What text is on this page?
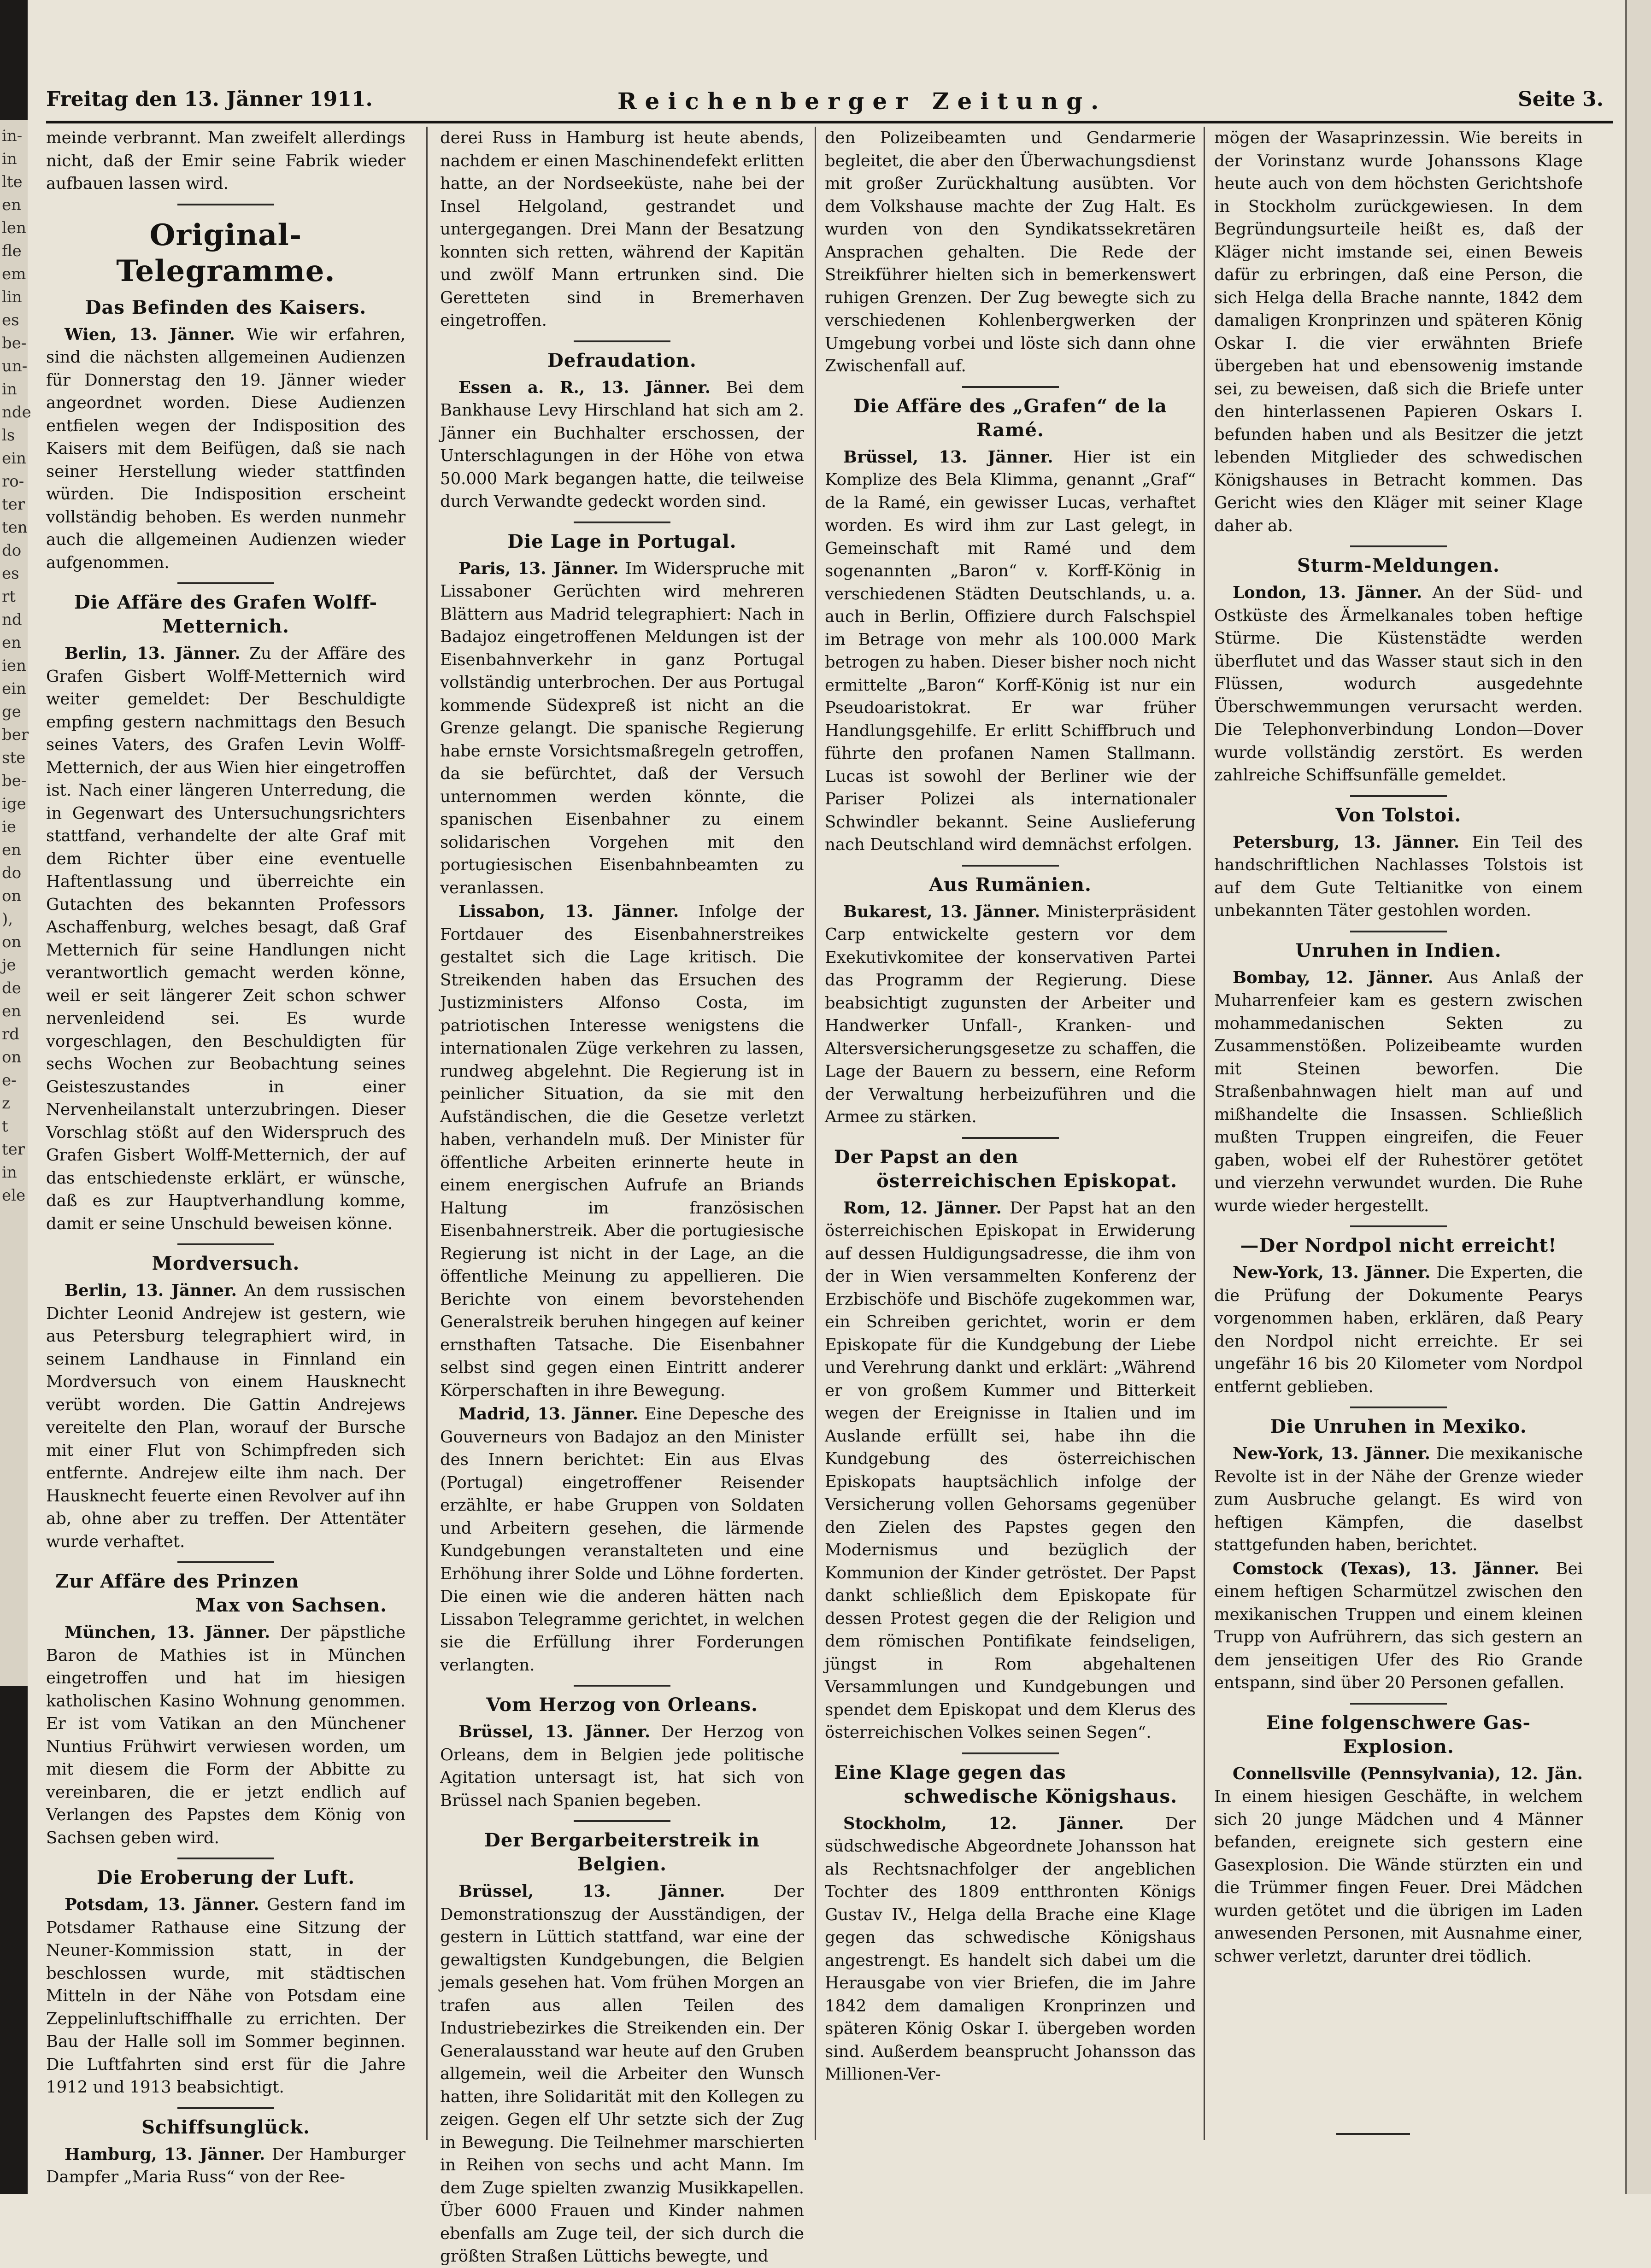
in-
in
lte
en
len
fle
em
lin
es
be-
un-
in
nde
ls
ein
ro-
ter
ten
do
es
rt
nd
en
ien
ein
ge
ber
ste
be-
ige
ie
en
do
on
),
on
je
de
en
rd
on
e-
z
t
ter
in
ele
Freitag den 13. Jänner 1911.	Reichenberger Zeitung.	Seite 3.

meinde verbrannt. Man zweifelt allerdings nicht, daß der Emir seine Fabrik wieder aufbauen lassen wird.

Original-Telegramme.
Das Befinden des Kaisers.

Wien, 13. Jänner. Wie wir erfahren, sind die nächsten allgemeinen Audienzen für Donnerstag den 19. Jänner wieder angeordnet worden. Diese Audienzen entfielen wegen der Indisposition des Kaisers mit dem Beifügen, daß sie nach seiner Herstellung wieder stattfinden würden. Die Indisposition erscheint vollständig behoben. Es werden nunmehr auch die allgemeinen Audienzen wieder aufgenommen.

Die Affäre des Grafen Wolff-Metternich.

Berlin, 13. Jänner. Zu der Affäre des Grafen Gisbert Wolff-Metternich wird weiter gemeldet: Der Beschuldigte empfing gestern nachmittags den Besuch seines Vaters, des Grafen Levin Wolff-Metternich, der aus Wien hier eingetroffen ist. Nach einer längeren Unterredung, die in Gegenwart des Untersuchungsrichters stattfand, verhandelte der alte Graf mit dem Richter über eine eventuelle Haftentlassung und überreichte ein Gutachten des bekannten Professors Aschaffenburg, welches besagt, daß Graf Metternich für seine Handlungen nicht verantwortlich gemacht werden könne, weil er seit längerer Zeit schon schwer nervenleidend sei. Es wurde vorgeschlagen, den Beschuldigten für sechs Wochen zur Beobachtung seines Geisteszustandes in einer Nervenheilanstalt unterzubringen. Dieser Vorschlag stößt auf den Widerspruch des Grafen Gisbert Wolff-Metternich, der auf das entschiedenste erklärt, er wünsche, daß es zur Hauptverhandlung komme, damit er seine Unschuld beweisen könne.

Mordversuch.

Berlin, 13. Jänner. An dem russischen Dichter Leonid Andrejew ist gestern, wie aus Petersburg telegraphiert wird, in seinem Landhause in Finnland ein Mordversuch von einem Hausknecht verübt worden. Die Gattin Andrejews vereitelte den Plan, worauf der Bursche mit einer Flut von Schimpfreden sich entfernte. Andrejew eilte ihm nach. Der Hausknecht feuerte einen Revolver auf ihn ab, ohne aber zu treffen. Der Attentäter wurde verhaftet.

Zur Affäre des Prinzen
Max von Sachsen.

München, 13. Jänner. Der päpstliche Baron de Mathies ist in München eingetroffen und hat im hiesigen katholischen Kasino Wohnung genommen. Er ist vom Vatikan an den Münchener Nuntius Frühwirt verwiesen worden, um mit diesem die Form der Abbitte zu vereinbaren, die er jetzt endlich auf Verlangen des Papstes dem König von Sachsen geben wird.

Die Eroberung der Luft.

Potsdam, 13. Jänner. Gestern fand im Potsdamer Rathause eine Sitzung der Neuner-Kommission statt, in der beschlossen wurde, mit städtischen Mitteln in der Nähe von Potsdam eine Zeppelinluftschiffhalle zu errichten. Der Bau der Halle soll im Sommer beginnen. Die Luftfahrten sind erst für die Jahre 1912 und 1913 beabsichtigt.

Schiffsunglück.

Hamburg, 13. Jänner. Der Hamburger Dampfer „Maria Russ“ von der Ree-

derei Russ in Hamburg ist heute abends, nachdem er einen Maschinendefekt erlitten hatte, an der Nordseeküste, nahe bei der Insel Helgoland, gestrandet und untergegangen. Drei Mann der Besatzung konnten sich retten, während der Kapitän und zwölf Mann ertrunken sind. Die Geretteten sind in Bremerhaven eingetroffen.

Defraudation.

Essen a. R., 13. Jänner. Bei dem Bankhause Levy Hirschland hat sich am 2. Jänner ein Buchhalter erschossen, der Unterschlagungen in der Höhe von etwa 50.000 Mark begangen hatte, die teilweise durch Verwandte gedeckt worden sind.

Die Lage in Portugal.

Paris, 13. Jänner. Im Widerspruche mit Lissaboner Gerüchten wird mehreren Blättern aus Madrid telegraphiert: Nach in Badajoz eingetroffenen Meldungen ist der Eisenbahnverkehr in ganz Portugal vollständig unterbrochen. Der aus Portugal kommende Südexpreß ist nicht an die Grenze gelangt. Die spanische Regierung habe ernste Vorsichtsmaßregeln getroffen, da sie befürchtet, daß der Versuch unternommen werden könnte, die spanischen Eisenbahner zu einem solidarischen Vorgehen mit den portugiesischen Eisenbahnbeamten zu veranlassen.

Lissabon, 13. Jänner. Infolge der Fortdauer des Eisenbahnerstreikes gestaltet sich die Lage kritisch. Die Streikenden haben das Ersuchen des Justizministers Alfonso Costa, im patriotischen Interesse wenigstens die internationalen Züge verkehren zu lassen, rundweg abgelehnt. Die Regierung ist in peinlicher Situation, da sie mit den Aufständischen, die die Gesetze verletzt haben, verhandeln muß. Der Minister für öffentliche Arbeiten erinnerte heute in einem energischen Aufrufe an Briands Haltung im französischen Eisenbahnerstreik. Aber die portugiesische Regierung ist nicht in der Lage, an die öffentliche Meinung zu appellieren. Die Berichte von einem bevorstehenden Generalstreik beruhen hingegen auf keiner ernsthaften Tatsache. Die Eisenbahner selbst sind gegen einen Eintritt anderer Körperschaften in ihre Bewegung.

Madrid, 13. Jänner. Eine Depesche des Gouverneurs von Badajoz an den Minister des Innern berichtet: Ein aus Elvas (Portugal) eingetroffener Reisender erzählte, er habe Gruppen von Soldaten und Arbeitern gesehen, die lärmende Kundgebungen veranstalteten und eine Erhöhung ihrer Solde und Löhne forderten. Die einen wie die anderen hätten nach Lissabon Telegramme gerichtet, in welchen sie die Erfüllung ihrer Forderungen verlangten.

Vom Herzog von Orleans.

Brüssel, 13. Jänner. Der Herzog von Orleans, dem in Belgien jede politische Agitation untersagt ist, hat sich von Brüssel nach Spanien begeben.

Der Bergarbeiterstreik in Belgien.

Brüssel, 13. Jänner.	Der Demonstrationszug der Ausständigen, der gestern in Lüttich stattfand, war eine der gewaltigsten Kundgebungen, die Belgien jemals gesehen hat. Vom frühen Morgen an trafen aus allen Teilen des Industriebezirkes die Streikenden ein. Der Generalausstand war heute auf den Gruben allgemein, weil die Arbeiter den Wunsch hatten, ihre Solidarität mit den Kollegen zu zeigen. Gegen elf Uhr setzte sich der Zug in Bewegung. Die Teilnehmer marschierten in Reihen von sechs und acht Mann. Im dem Zuge spielten zwanzig Musikkapellen. Über 6000 Frauen und Kinder nahmen ebenfalls am Zuge teil, der sich durch die größten Straßen Lüttichs bewegte, und

den Polizeibeamten und Gendarmerie begleitet, die aber den Überwachungsdienst mit großer Zurückhaltung ausübten. Vor dem Volkshause machte der Zug Halt. Es wurden von den Syndikatssekretären Ansprachen gehalten. Die Rede der Streikführer hielten sich in bemerkenswert ruhigen Grenzen. Der Zug bewegte sich zu verschiedenen Kohlenbergwerken der Umgebung vorbei und löste sich dann ohne Zwischenfall auf.

Die Affäre des „Grafen“ de la Ramé.

Brüssel, 13. Jänner. Hier ist ein Komplize des Bela Klimma, genannt „Graf“ de la Ramé, ein gewisser Lucas, verhaftet worden. Es wird ihm zur Last gelegt, in Gemeinschaft mit Ramé und dem sogenannten „Baron“ v. Korff-König in verschiedenen Städten Deutschlands, u. a. auch in Berlin, Offiziere durch Falschspiel im Betrage von mehr als 100.000 Mark betrogen zu haben. Dieser bisher noch nicht ermittelte „Baron“ Korff-König ist nur ein Pseudoaristokrat. Er war früher Handlungsgehilfe. Er erlitt Schiffbruch und führte den profanen Namen Stallmann. Lucas ist sowohl der Berliner wie der Pariser Polizei als internationaler Schwindler bekannt. Seine Auslieferung nach Deutschland wird demnächst erfolgen.

Aus Rumänien.

Bukarest, 13. Jänner. Ministerpräsident Carp entwickelte gestern vor dem Exekutivkomitee der konservativen Partei das Programm der Regierung. Diese beabsichtigt zugunsten der Arbeiter und Handwerker Unfall-, Kranken- und Altersversicherungsgesetze zu schaffen, die Lage der Bauern zu bessern, eine Reform der Verwaltung herbeizuführen und die Armee zu stärken.

Der Papst an den
österreichischen Episkopat.

Rom, 12. Jänner. Der Papst hat an den österreichischen Episkopat in Erwiderung auf dessen Huldigungsadresse, die ihm von der in Wien versammelten Konferenz der Erzbischöfe und Bischöfe zugekommen war, ein Schreiben gerichtet, worin er dem Episkopate für die Kundgebung der Liebe und Verehrung dankt und erklärt: „Während er von großem Kummer und Bitterkeit wegen der Ereignisse in Italien und im Auslande erfüllt sei, habe ihn die Kundgebung des österreichischen Episkopats hauptsächlich infolge der Versicherung vollen Gehorsams gegenüber den Zielen des Papstes gegen den Modernismus und bezüglich der Kommunion der Kinder getröstet. Der Papst dankt schließlich dem Episkopate für dessen Protest gegen die der Religion und dem römischen Pontifikate feindseligen, jüngst in Rom abgehaltenen Versammlungen und Kundgebungen und spendet dem Episkopat und dem Klerus des österreichischen Volkes seinen Segen“.

Eine Klage gegen das
schwedische Königshaus.

Stockholm, 12. Jänner.	Der südschwedische Abgeordnete Johansson hat als Rechtsnachfolger der angeblichen Tochter des 1809 entthronten Königs Gustav IV., Helga della Brache eine Klage gegen das schwedische Königshaus angestrengt. Es handelt sich dabei um die Herausgabe von vier Briefen, die im Jahre 1842 dem damaligen Kronprinzen und späteren König Oskar I. übergeben worden sind. Außerdem beansprucht Johansson das Millionen-Ver-

mögen der Wasaprinzessin. Wie bereits in der Vorinstanz wurde Johanssons Klage heute auch von dem höchsten Gerichtshofe in Stockholm zurückgewiesen. In dem Begründungsurteile heißt es, daß der Kläger nicht imstande sei, einen Beweis dafür zu erbringen, daß eine Person, die sich Helga della Brache nannte, 1842 dem damaligen Kronprinzen und späteren König Oskar I. die vier erwähnten Briefe übergeben hat und ebensowenig imstande sei, zu beweisen, daß sich die Briefe unter den hinterlassenen Papieren Oskars I. befunden haben und als Besitzer die jetzt lebenden Mitglieder des schwedischen Königshauses in Betracht kommen. Das Gericht wies den Kläger mit seiner Klage daher ab.

Sturm-Meldungen.

London, 13. Jänner. An der Süd- und Ostküste des Ärmelkanales toben heftige Stürme. Die Küstenstädte werden überflutet und das Wasser staut sich in den Flüssen, wodurch ausgedehnte Überschwemmungen verursacht werden. Die Telephonverbindung London—Dover wurde vollständig zerstört. Es werden zahlreiche Schiffsunfälle gemeldet.

Von Tolstoi.

Petersburg, 13. Jänner. Ein Teil des handschriftlichen Nachlasses Tolstois ist auf dem Gute Teltianitke von einem unbekannten Täter gestohlen worden.

Unruhen in Indien.

Bombay, 12. Jänner. Aus Anlaß der Muharrenfeier kam es gestern zwischen mohammedanischen Sekten zu Zusammenstößen. Polizeibeamte wurden mit Steinen beworfen. Die Straßenbahnwagen hielt man auf und mißhandelte die Insassen. Schließlich mußten Truppen eingreifen, die Feuer gaben, wobei elf der Ruhestörer getötet und vierzehn verwundet wurden. Die Ruhe wurde wieder hergestellt.

— Der Nordpol nicht erreicht!

New-York, 13. Jänner. Die Experten, die die Prüfung der Dokumente Pearys vorgenommen haben, erklären, daß Peary den Nordpol nicht erreichte. Er sei ungefähr 16 bis 20 Kilometer vom Nordpol entfernt geblieben.

Die Unruhen in Mexiko.

New-York, 13. Jänner. Die mexikanische Revolte ist in der Nähe der Grenze wieder zum Ausbruche gelangt. Es wird von heftigen Kämpfen, die daselbst stattgefunden haben, berichtet.

Comstock (Texas), 13. Jänner. Bei einem heftigen Scharmützel zwischen den mexikanischen Truppen und einem kleinen Trupp von Aufrührern, das sich gestern an dem jenseitigen Ufer des Rio Grande entspann, sind über 20 Personen gefallen.

Eine folgenschwere Gas-Explosion.

Connellsville (Pennsylvania), 12. Jän. In einem hiesigen Geschäfte, in welchem sich 20 junge Mädchen und 4 Männer befanden, ereignete sich gestern eine Gasexplosion. Die Wände stürzten ein und die Trümmer fingen Feuer. Drei Mädchen wurden getötet und die übrigen im Laden anwesenden Personen, mit Ausnahme einer, schwer verletzt, darunter drei tödlich.
